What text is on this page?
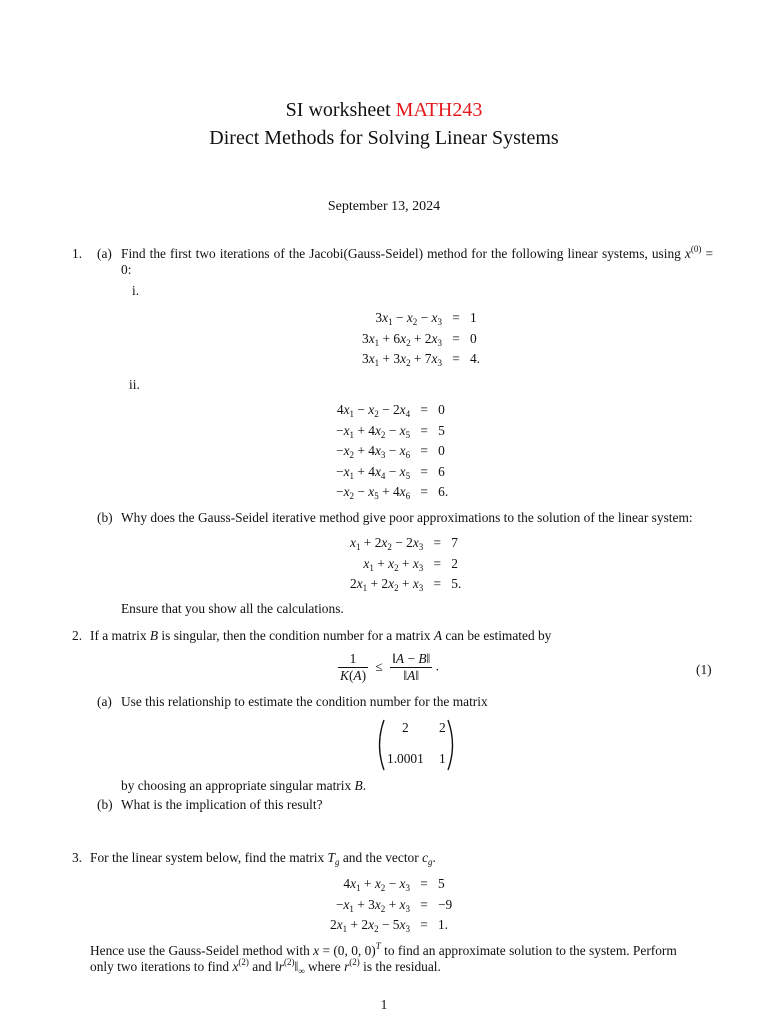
SI worksheet MATH243
Direct Methods for Solving Linear Systems
September 13, 2024
1. (a) Find the first two iterations of the Jacobi(Gauss-Seidel) method for the following linear systems, using $x^{(0)} = 0$:
i.
$3x_1 - x_2 - x_3 = 1$
$3x_1 + 6x_2 + 2x_3 = 0$
$3x_1 + 3x_2 + 7x_3 = 4$.
ii.
$4x_1 - x_2 - 2x_4 = 0$
$-x_1 + 4x_2 - x_5 = 5$
$-x_2 + 4x_3 - x_6 = 0$
$-x_1 + 4x_4 - x_5 = 6$
$-x_2 - x_5 + 4x_6 = 6$.
(b) Why does the Gauss-Seidel iterative method give poor approximations to the solution of the linear system:
$x_1 + 2x_2 - 2x_3 = 7$
$x_1 + x_2 + x_3 = 2$
$2x_1 + 2x_2 + x_3 = 5$.
Ensure that you show all the calculations.
2. If a matrix B is singular, then the condition number for a matrix A can be estimated by
$\frac{1}{K(A)} \le \frac{‖A - B‖}{‖A‖}$ .	(1)
(a) Use this relationship to estimate the condition number for the matrix
2 2
1.0001 1
by choosing an appropriate singular matrix B.
(b) What is the implication of this result?
3. For the linear system below, find the matrix $T_g$ and the vector $c_g$.
$4x_1 + x_2 - x_3 = 5$
$-x_1 + 3x_2 + x_3 = -9$
$2x_1 + 2x_2 - 5x_3 = 1$.
Hence use the Gauss-Seidel method with x = (0, 0, 0)$^T$ to find an approximate solution to the system. Perform
only two iterations to find $x^{(2)}$ and $‖r^{(2)}‖_\infty$ where $r^{(2)}$ is the residual.
1
